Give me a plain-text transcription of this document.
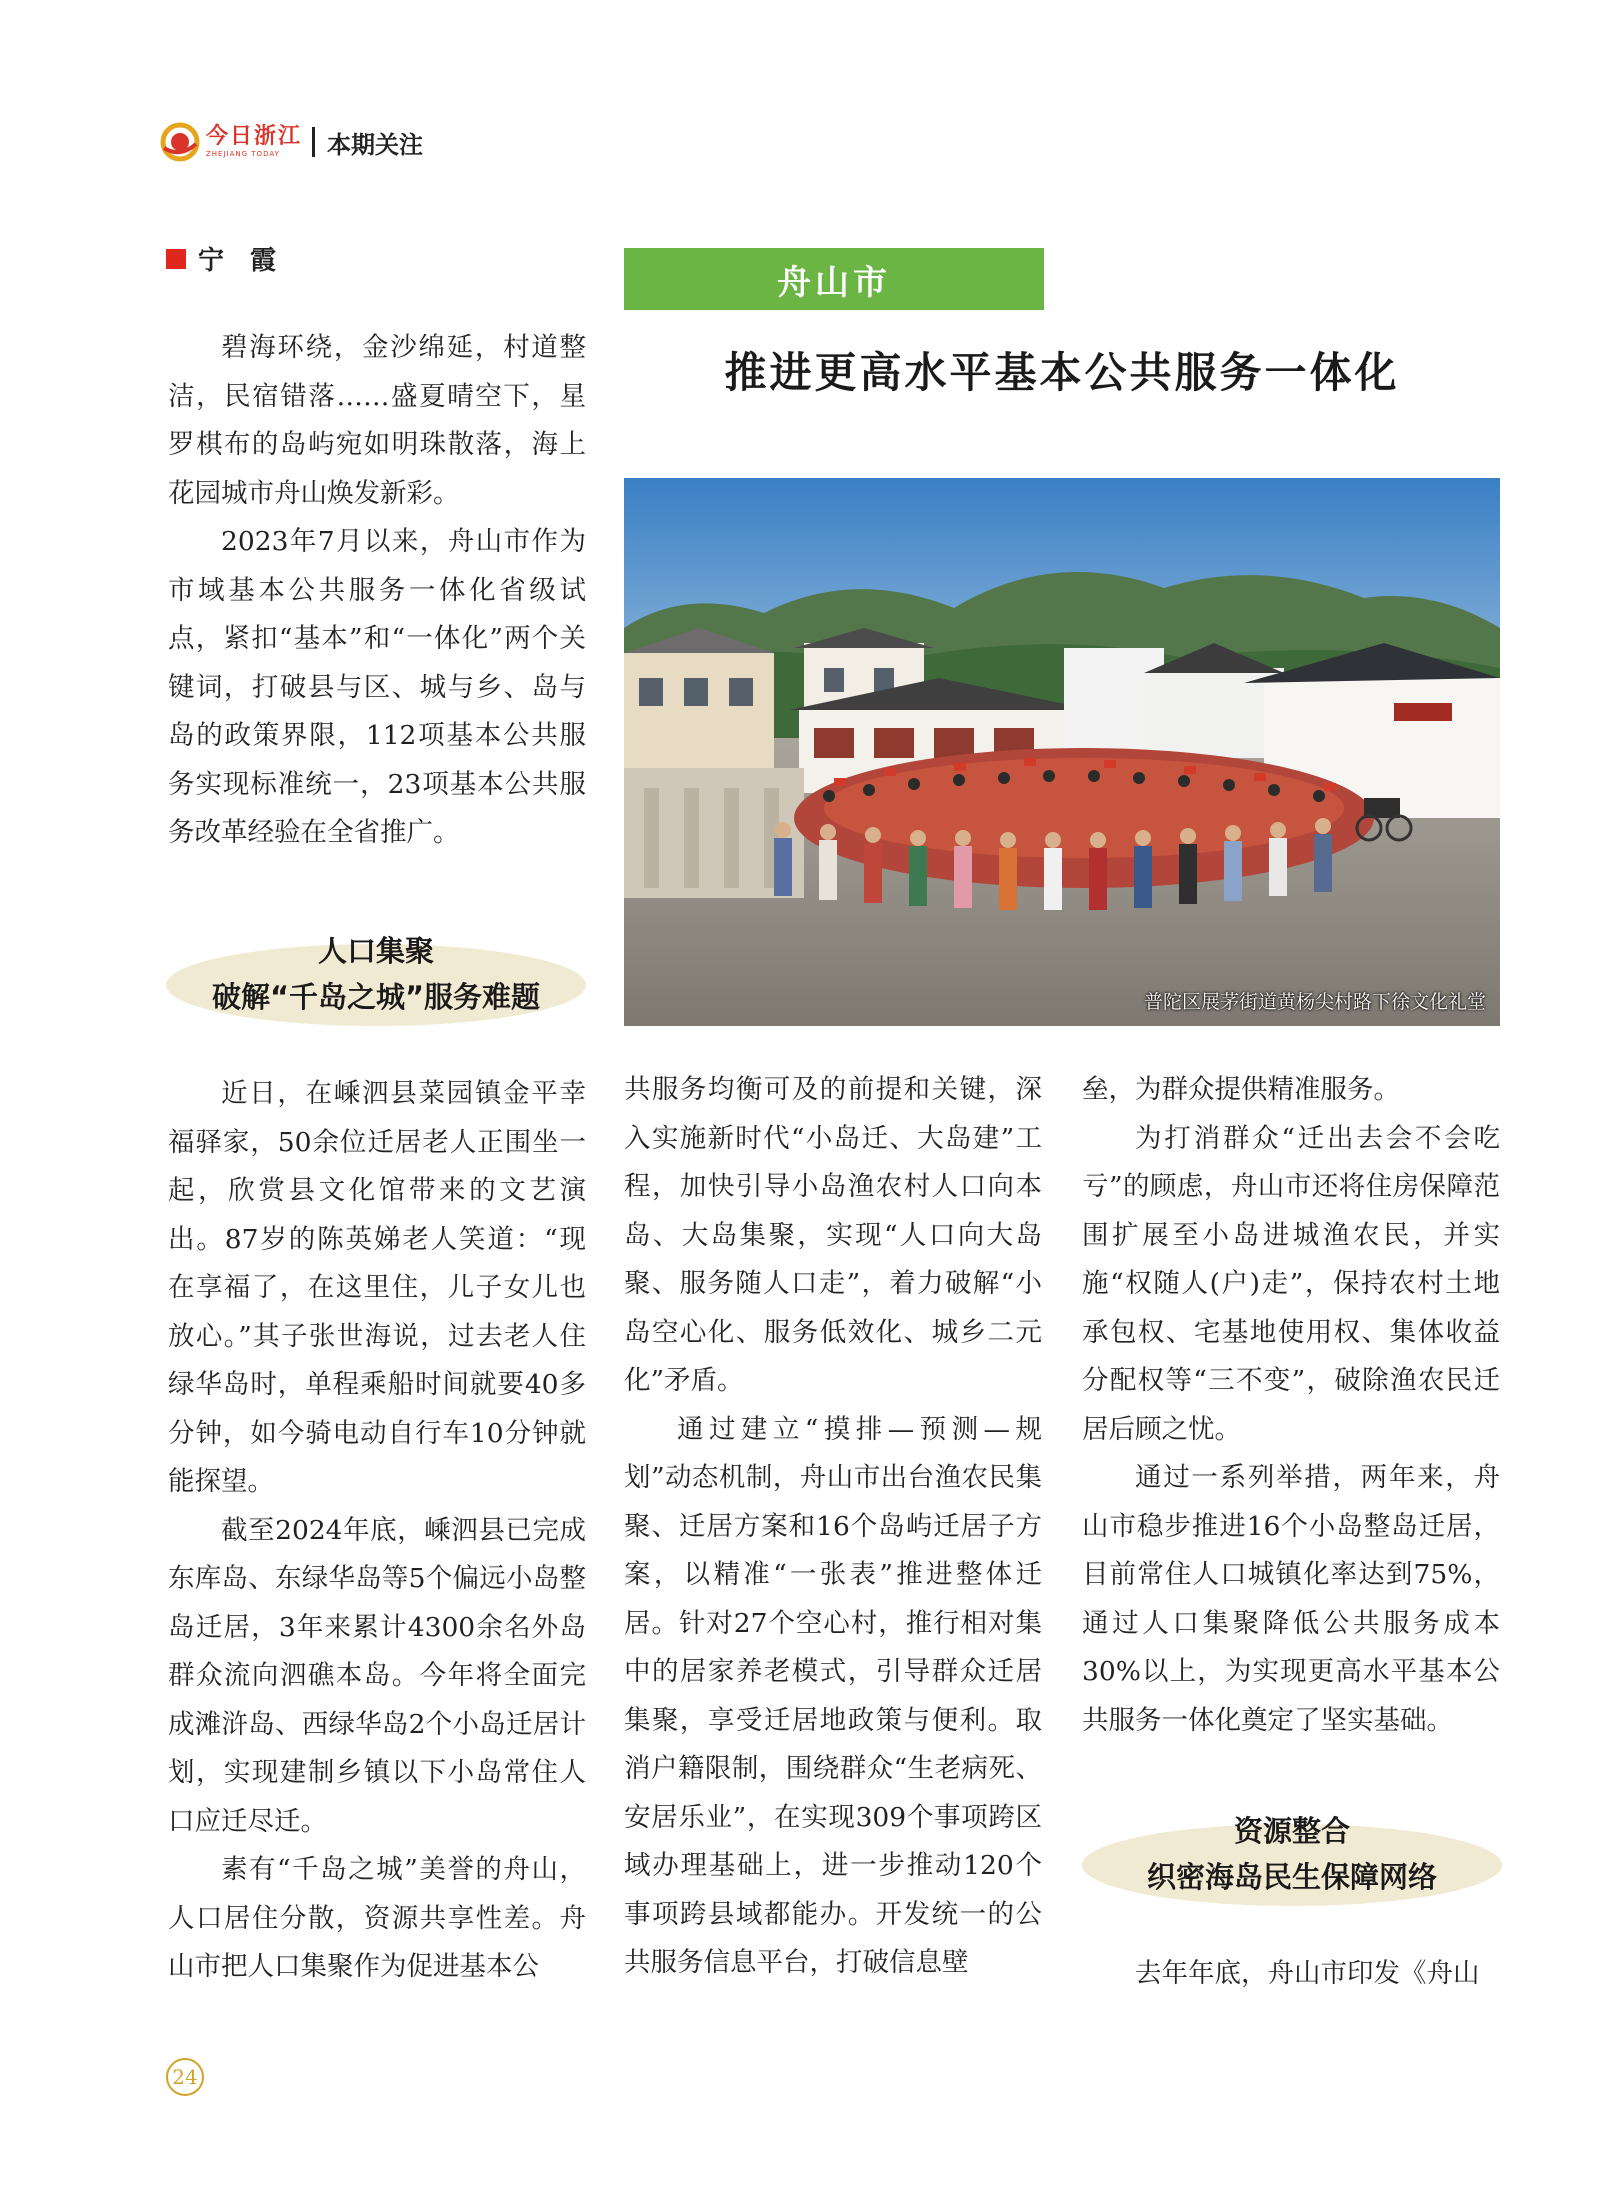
今日浙江
ZHEJIANG TODAY	本期关注
宁　霞
舟山市
推进更高水平基本公共服务一体化
普陀区展茅街道黄杨尖村路下徐文化礼堂

碧海环绕，金沙绵延，村道整洁，民宿错落……盛夏晴空下，星罗棋布的岛屿宛如明珠散落，海上花园城市舟山焕发新彩。

2023年7月以来，舟山市作为市域基本公共服务一体化省级试点，紧扣“基本”和“一体化”两个关键词，打破县与区、城与乡、岛与岛的政策界限，112项基本公共服务实现标准统一，23项基本公共服务改革经验在全省推广。

人口集聚
破解“千岛之城”服务难题

近日，在嵊泗县菜园镇金平幸福驿家，50余位迁居老人正围坐一起，欣赏县文化馆带来的文艺演出。87岁的陈英娣老人笑道：“现在享福了，在这里住，儿子女儿也放心。”其子张世海说，过去老人住绿华岛时，单程乘船时间就要40多分钟，如今骑电动自行车10分钟就能探望。

截至2024年底，嵊泗县已完成东库岛、东绿华岛等5个偏远小岛整岛迁居，3年来累计4300余名外岛群众流向泗礁本岛。今年将全面完成滩浒岛、西绿华岛2个小岛迁居计划，实现建制乡镇以下小岛常住人口应迁尽迁。

素有“千岛之城”美誉的舟山，人口居住分散，资源共享性差。舟山市把人口集聚作为促进基本公

共服务均衡可及的前提和关键，深入实施新时代“小岛迁、大岛建”工程，加快引导小岛渔农村人口向本岛、大岛集聚，实现“人口向大岛聚、服务随人口走”，着力破解“小岛空心化、服务低效化、城乡二元化”矛盾。

通过建立“摸排—预测—规划”动态机制，舟山市出台渔农民集聚、迁居方案和16个岛屿迁居子方案，以精准“一张表”推进整体迁居。针对27个空心村，推行相对集中的居家养老模式，引导群众迁居集聚，享受迁居地政策与便利。取消户籍限制，围绕群众“生老病死、安居乐业”，在实现309个事项跨区域办理基础上，进一步推动120个事项跨县域都能办。开发统一的公共服务信息平台，打破信息壁

垒，为群众提供精准服务。

为打消群众“迁出去会不会吃亏”的顾虑，舟山市还将住房保障范围扩展至小岛进城渔农民，并实施“权随人(户)走”，保持农村土地承包权、宅基地使用权、集体收益分配权等“三不变”，破除渔农民迁居后顾之忧。

通过一系列举措，两年来，舟山市稳步推进16个小岛整岛迁居，目前常住人口城镇化率达到75%，通过人口集聚降低公共服务成本30%以上，为实现更高水平基本公共服务一体化奠定了坚实基础。

资源整合
织密海岛民生保障网络

去年年底，舟山市印发《舟山

24
